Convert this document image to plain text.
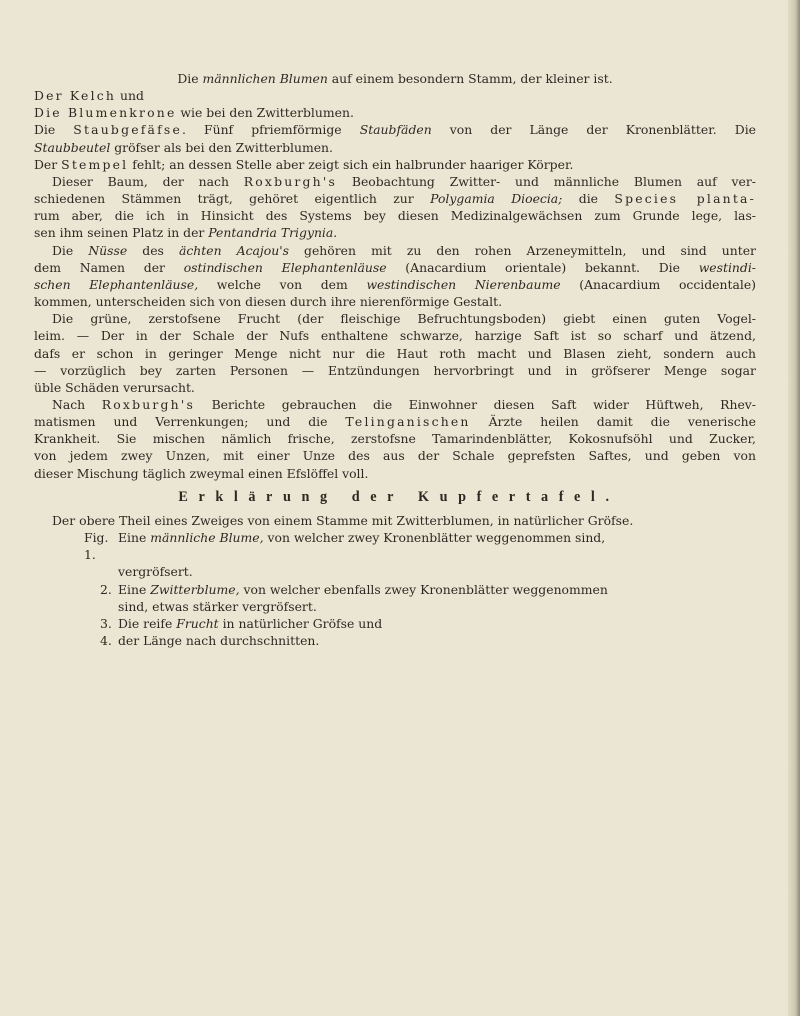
Die männlichen Blumen auf einem besondern Stamm, der kleiner ist.
Der Kelch und
Die Blumenkrone wie bei den Zwitterblumen.
Die Staubgefäfse. Fünf pfriemförmige Staubfäden von der Länge der Kronenblätter. Die
Staubbeutel gröfser als bei den Zwitterblumen.
Der Stempel fehlt; an dessen Stelle aber zeigt sich ein halbrunder haariger Körper.
Dieser Baum, der nach Roxburgh's Beobachtung Zwitter- und männliche Blumen auf ver-
schiedenen Stämmen trägt, gehöret eigentlich zur Polygamia Dioecia; die Species planta-
rum aber, die ich in Hinsicht des Systems bey diesen Medizinalgewächsen zum Grunde lege, las-
sen ihm seinen Platz in der Pentandria Trigynia.
Die Nüsse des ächten Acajou's gehören mit zu den rohen Arzeneymitteln, und sind unter
dem Namen der ostindischen Elephantenläuse (Anacardium orientale) bekannt. Die westindi-
schen Elephantenläuse, welche von dem westindischen Nierenbaume (Anacardium occidentale)
kommen, unterscheiden sich von diesen durch ihre nierenförmige Gestalt.
Die grüne, zerstofsene Frucht (der fleischige Befruchtungsboden) giebt einen guten Vogel-
leim. — Der in der Schale der Nufs enthaltene schwarze, harzige Saft ist so scharf und ätzend,
dafs er schon in geringer Menge nicht nur die Haut roth macht und Blasen zieht, sondern auch
— vorzüglich bey zarten Personen — Entzündungen hervorbringt und in gröfserer Menge sogar
üble Schäden verursacht.
Nach Roxburgh's Berichte gebrauchen die Einwohner diesen Saft wider Hüftweh, Rhev-
matismen und Verrenkungen; und die Telinganischen Ärzte heilen damit die venerische
Krankheit. Sie mischen nämlich frische, zerstofsne Tamarindenblätter, Kokosnufsöhl und Zucker,
von jedem zwey Unzen, mit einer Unze des aus der Schale geprefsten Saftes, und geben von
dieser Mischung täglich zweymal einen Efslöffel voll.
Erklärung der Kupfertafel.
Der obere Theil eines Zweiges von einem Stamme mit Zwitterblumen, in natürlicher Gröfse.
Fig. 1.
Eine männliche Blume, von welcher zwey Kronenblätter weggenommen sind,
vergröfsert.
2. Eine Zwitterblume, von welcher ebenfalls zwey Kronenblätter weggenommen
sind, etwas stärker vergröfsert.
3. Die reife Frucht in natürlicher Gröfse und
4. der Länge nach durchschnitten.
